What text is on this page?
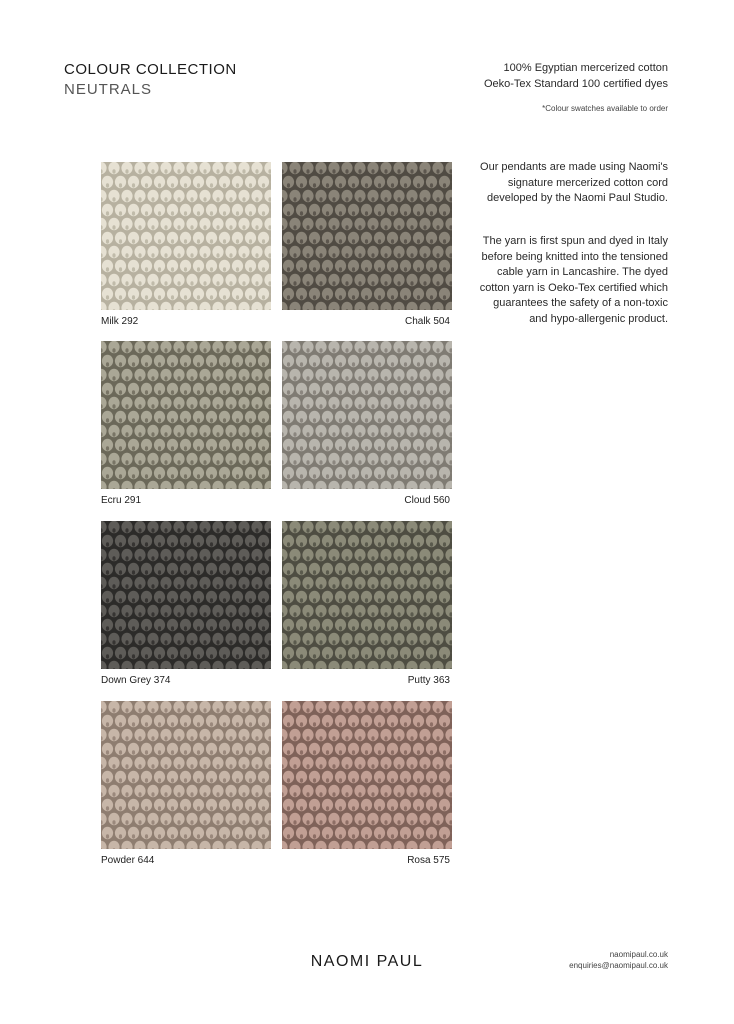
COLOUR COLLECTION
NEUTRALS
100% Egyptian mercerized cotton
Oeko-Tex Standard 100 certified dyes
*Colour swatches available to order

Our pendants are made using Naomi's signature mercerized cotton cord developed by the Naomi Paul Studio.

The yarn is first spun and dyed in Italy before being knitted into the tensioned cable yarn in Lancashire. The dyed cotton yarn is Oeko-Tex certified which guarantees the safety of a non-toxic and hypo-allergenic product.

Milk 292	Chalk 504
Ecru 291	Cloud 560
Down Grey 374	Putty 363
Powder 644	Rosa 575
NAOMI PAUL	naomipaul.co.uk
enquiries@naomipaul.co.uk
